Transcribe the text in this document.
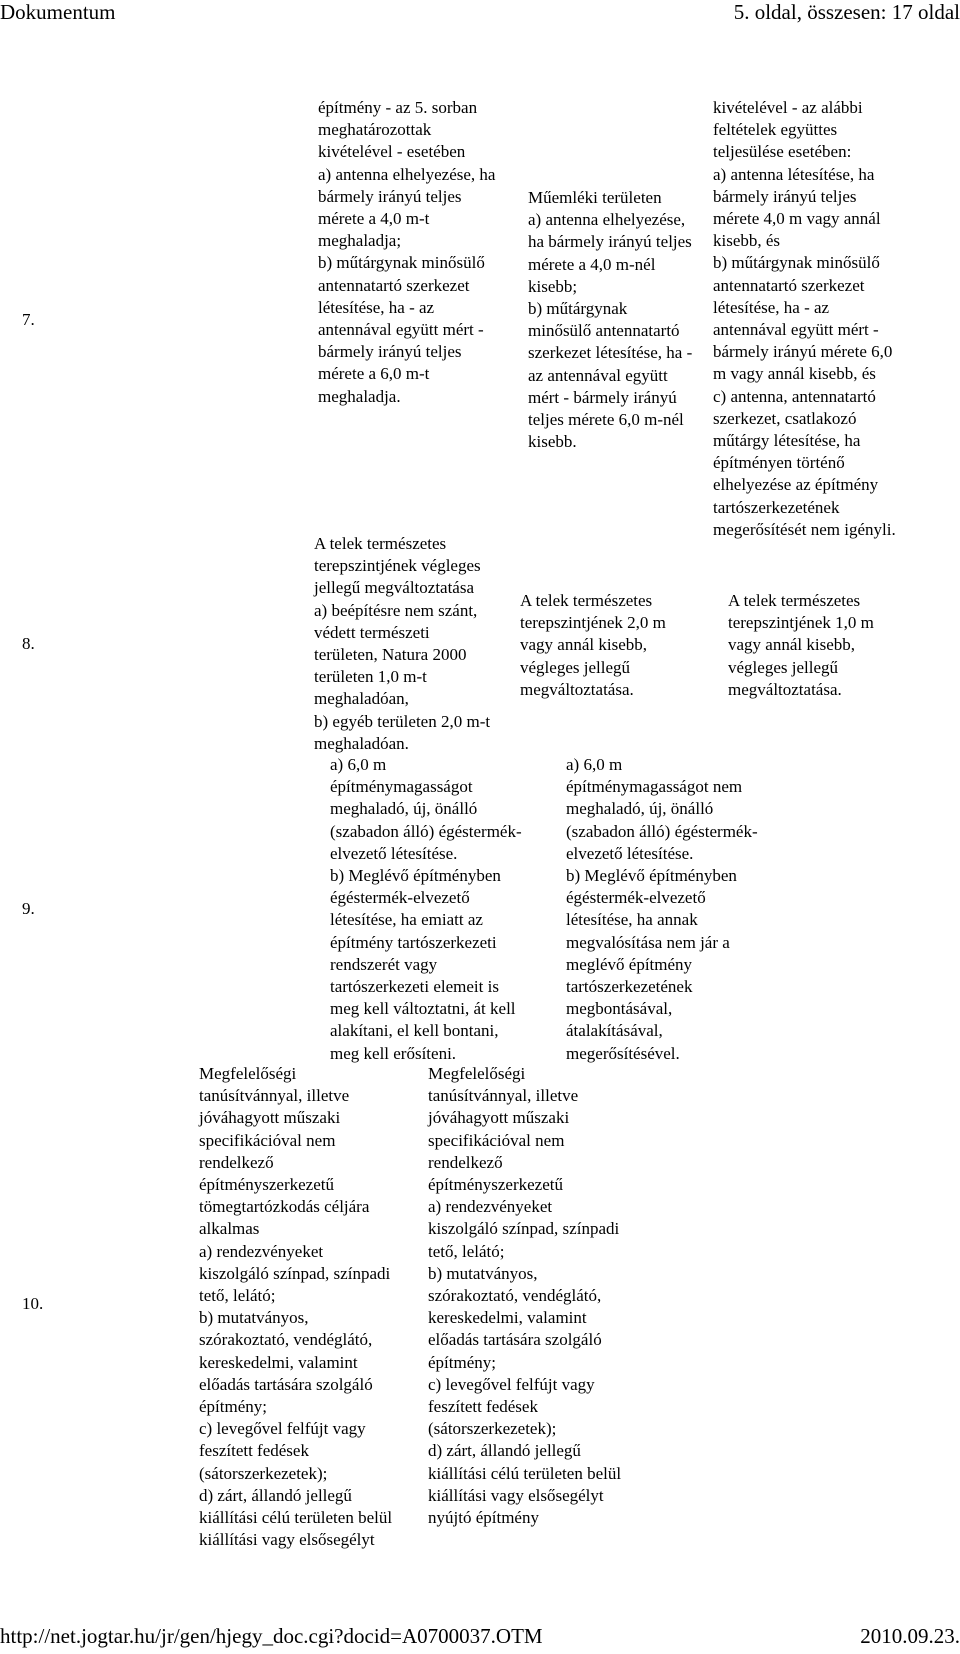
Dokumentum	5. oldal, összesen: 17 oldal
7.
építmény - az 5. sorban
meghatározottak
kivételével - esetében
a) antenna elhelyezése, ha
bármely irányú teljes
mérete a 4,0 m-t
meghaladja;
b) műtárgynak minősülő
antennatartó szerkezet
létesítése, ha - az
antennával együtt mért -
bármely irányú teljes
mérete a 6,0 m-t
meghaladja.
Műemléki területen
a) antenna elhelyezése,
ha bármely irányú teljes
mérete a 4,0 m-nél
kisebb;
b) műtárgynak
minősülő antennatartó
szerkezet létesítése, ha -
az antennával együtt
mért - bármely irányú
teljes mérete 6,0 m-nél
kisebb.
kivételével - az alábbi
feltételek együttes
teljesülése esetében:
a) antenna létesítése, ha
bármely irányú teljes
mérete 4,0 m vagy annál
kisebb, és
b) műtárgynak minősülő
antennatartó szerkezet
létesítése, ha - az
antennával együtt mért -
bármely irányú mérete 6,0
m vagy annál kisebb, és
c) antenna, antennatartó
szerkezet, csatlakozó
műtárgy létesítése, ha
építményen történő
elhelyezése az építmény
tartószerkezetének
megerősítését nem igényli.
8.
A telek természetes
terepszintjének végleges
jellegű megváltoztatása
a) beépítésre nem szánt,
védett természeti
területen, Natura 2000
területen 1,0 m-t
meghaladóan,
b) egyéb területen 2,0 m-t
meghaladóan.
A telek természetes
terepszintjének 2,0 m
vagy annál kisebb,
végleges jellegű
megváltoztatása.
A telek természetes
terepszintjének 1,0 m
vagy annál kisebb,
végleges jellegű
megváltoztatása.
9.
a) 6,0 m
építménymagasságot
meghaladó, új, önálló
(szabadon álló) égéstermék-
elvezető létesítése.
b) Meglévő építményben
égéstermék-elvezető
létesítése, ha emiatt az
építmény tartószerkezeti
rendszerét vagy
tartószerkezeti elemeit is
meg kell változtatni, át kell
alakítani, el kell bontani,
meg kell erősíteni.
a) 6,0 m
építménymagasságot nem
meghaladó, új, önálló
(szabadon álló) égéstermék-
elvezető létesítése.
b) Meglévő építményben
égéstermék-elvezető
létesítése, ha annak
megvalósítása nem jár a
meglévő építmény
tartószerkezetének
megbontásával,
átalakításával,
megerősítésével.
10.
Megfelelőségi
tanúsítvánnyal, illetve
jóváhagyott műszaki
specifikációval nem
rendelkező
építményszerkezetű
tömegtartózkodás céljára
alkalmas
a) rendezvényeket
kiszolgáló színpad, színpadi
tető, lelátó;
b) mutatványos,
szórakoztató, vendéglátó,
kereskedelmi, valamint
előadás tartására szolgáló
építmény;
c) levegővel felfújt vagy
feszített fedések
(sátorszerkezetek);
d) zárt, állandó jellegű
kiállítási célú területen belül
kiállítási vagy elsősegélyt
Megfelelőségi
tanúsítvánnyal, illetve
jóváhagyott műszaki
specifikációval nem
rendelkező
építményszerkezetű
a) rendezvényeket
kiszolgáló színpad, színpadi
tető, lelátó;
b) mutatványos,
szórakoztató, vendéglátó,
kereskedelmi, valamint
előadás tartására szolgáló
építmény;
c) levegővel felfújt vagy
feszített fedések
(sátorszerkezetek);
d) zárt, állandó jellegű
kiállítási célú területen belül
kiállítási vagy elsősegélyt
nyújtó építmény
http://net.jogtar.hu/jr/gen/hjegy_doc.cgi?docid=A0700037.OTM	2010.09.23.
